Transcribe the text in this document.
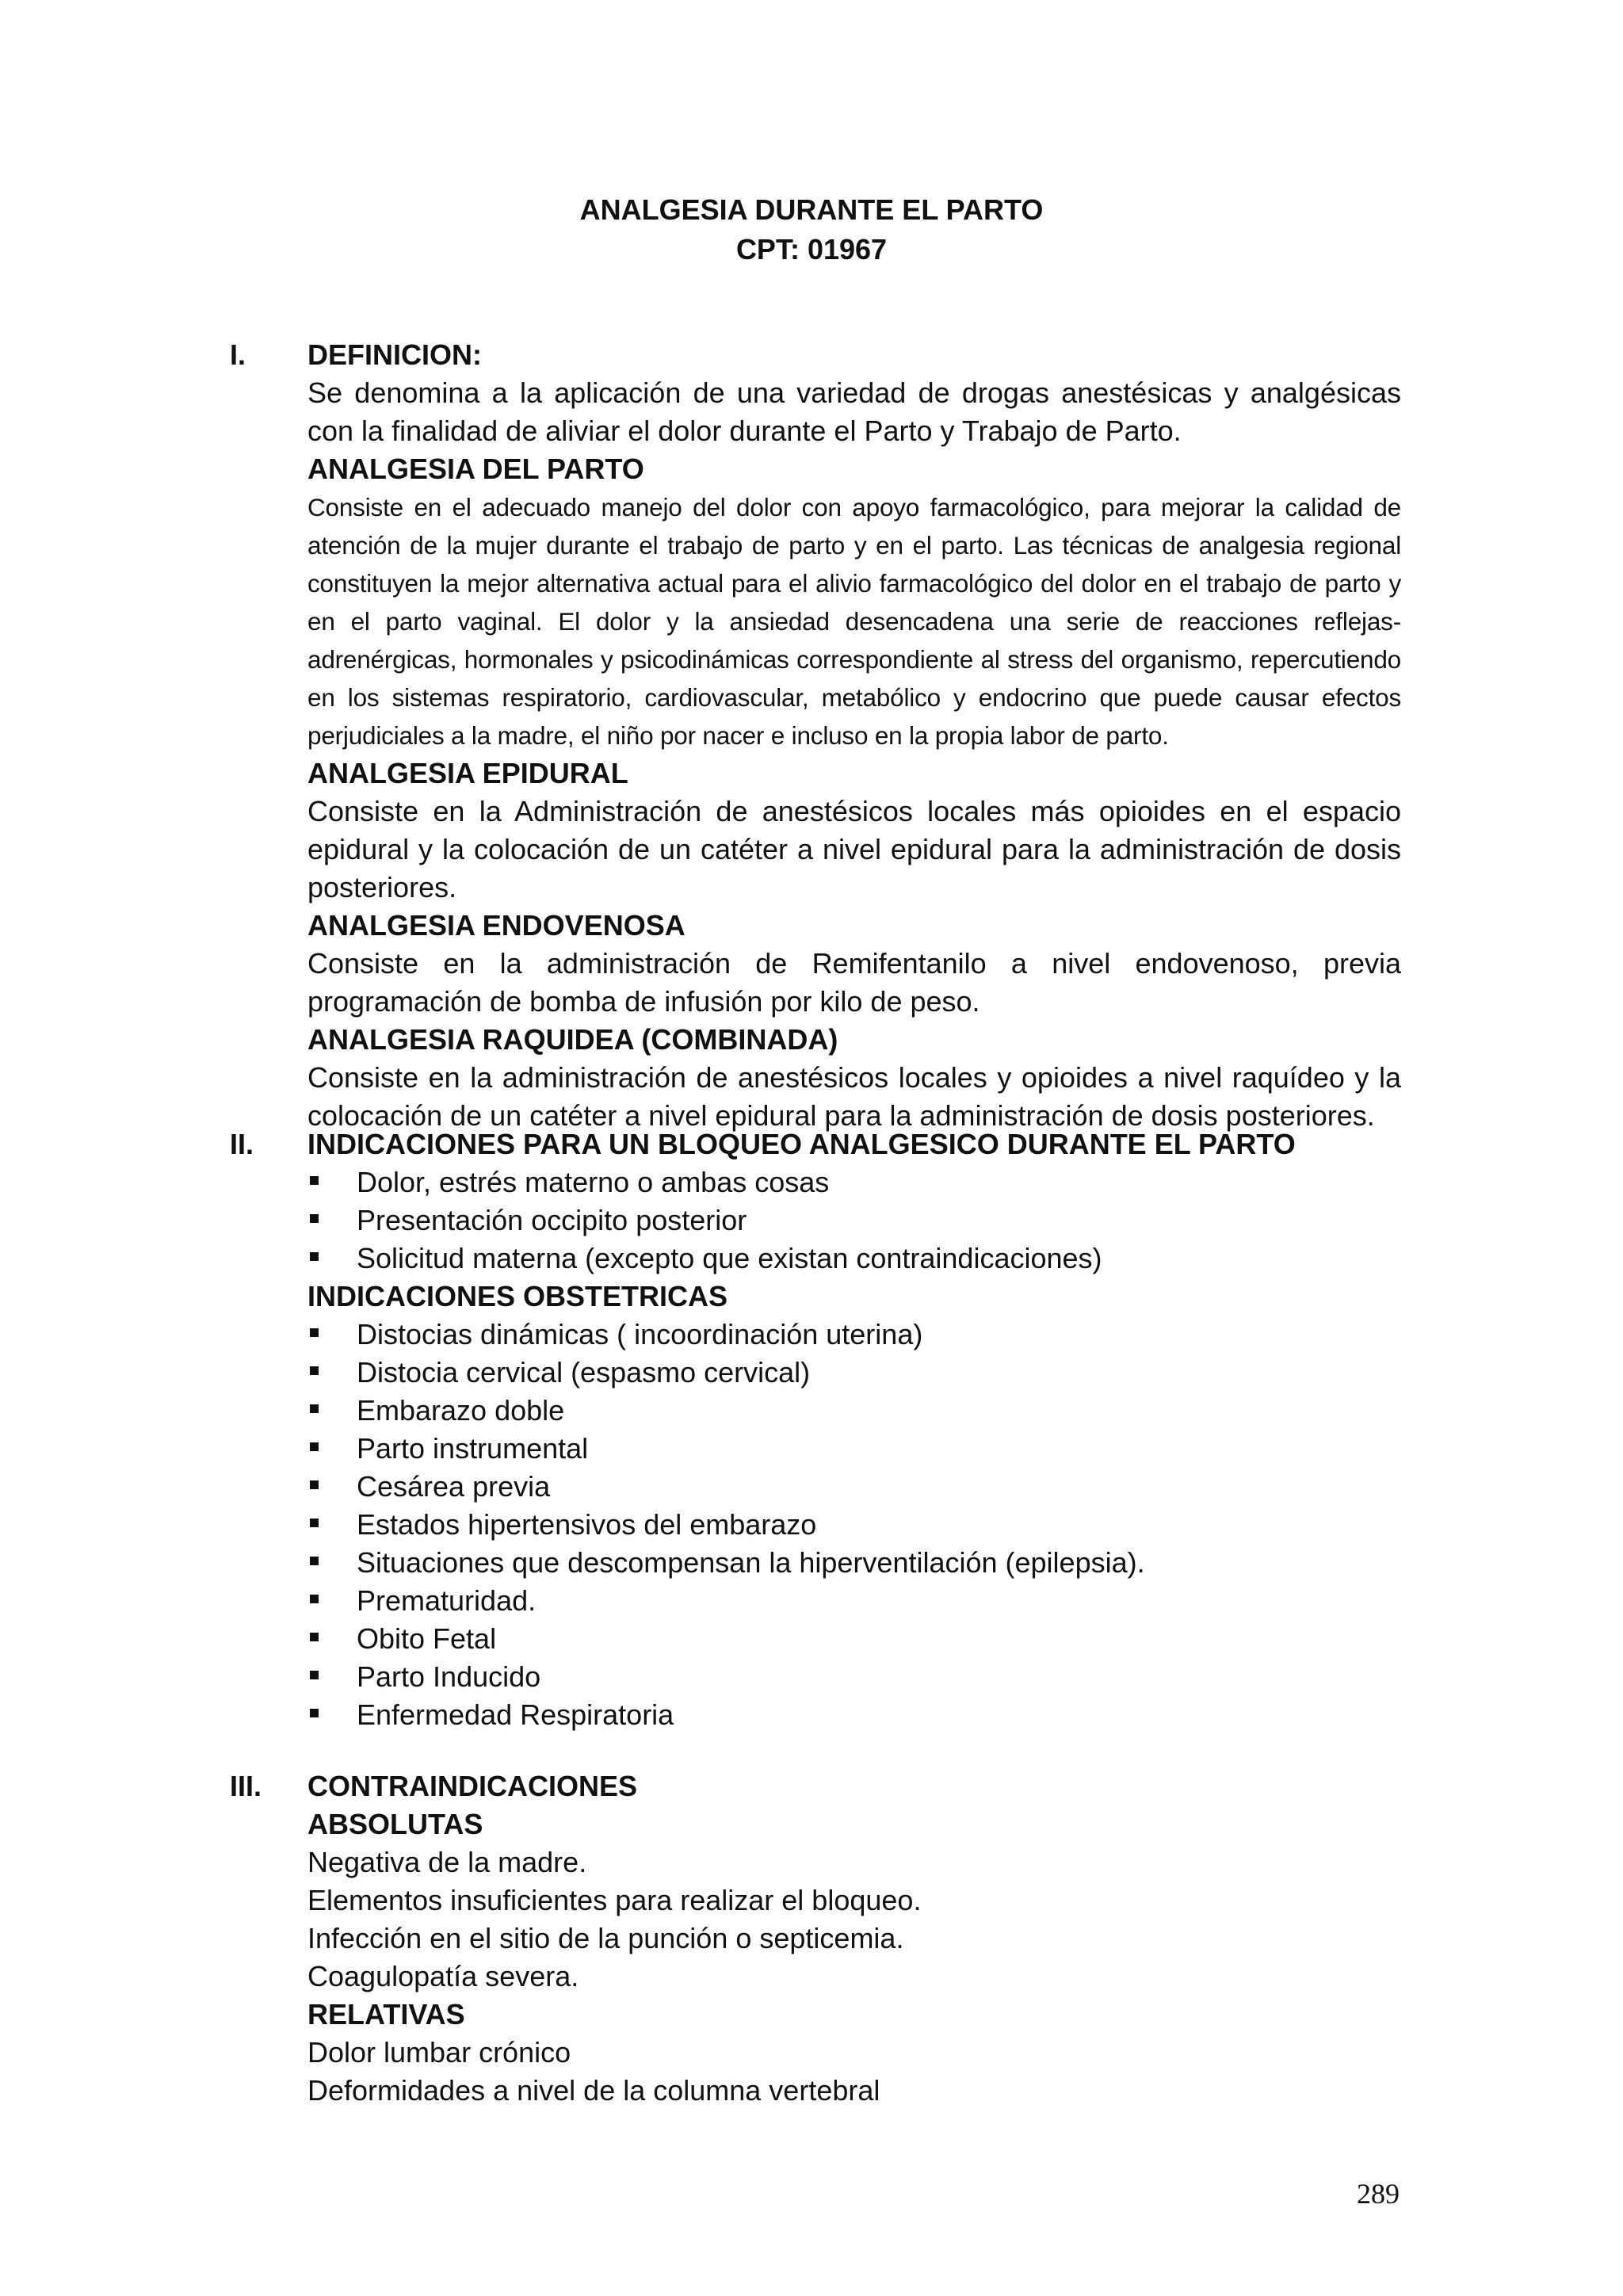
ANALGESIA DURANTE EL PARTO
CPT: 01967
I. DEFINICION:
Se denomina a la aplicación de una variedad de drogas anestésicas y analgésicas con la finalidad de aliviar el dolor durante el Parto y Trabajo de Parto.
ANALGESIA DEL PARTO
Consiste en el adecuado manejo del dolor con apoyo farmacológico, para mejorar la calidad de atención de la mujer durante el trabajo de parto y en el parto. Las técnicas de analgesia regional constituyen la mejor alternativa actual para el alivio farmacológico del dolor en el trabajo de parto y en el parto vaginal. El dolor y la ansiedad desencadena una serie de reacciones reflejas-adrenérgicas, hormonales y psicodinámicas correspondiente al stress del organismo, repercutiendo en los sistemas respiratorio, cardiovascular, metabólico y endocrino que puede causar efectos perjudiciales a la madre, el niño por nacer e incluso en la propia labor de parto.
ANALGESIA EPIDURAL
Consiste en la Administración de anestésicos locales más opioides en el espacio epidural y la colocación de un catéter a nivel epidural para la administración de dosis posteriores.
ANALGESIA ENDOVENOSA
Consiste en la administración de Remifentanilo a nivel endovenoso, previa programación de bomba de infusión por kilo de peso.
ANALGESIA RAQUIDEA (COMBINADA)
Consiste en la administración de anestésicos locales y opioides a nivel raquídeo y la colocación de un catéter a nivel epidural para la administración de dosis posteriores.
II. INDICACIONES PARA UN BLOQUEO ANALGESICO DURANTE EL PARTO
Dolor, estrés materno o ambas cosas
Presentación occipito posterior
Solicitud materna (excepto que existan contraindicaciones)
INDICACIONES OBSTETRICAS
Distocias dinámicas ( incoordinación uterina)
Distocia cervical (espasmo cervical)
Embarazo doble
Parto instrumental
Cesárea previa
Estados hipertensivos del embarazo
Situaciones que descompensan la hiperventilación (epilepsia).
Prematuridad.
Obito Fetal
Parto Inducido
Enfermedad Respiratoria
III. CONTRAINDICACIONES
ABSOLUTAS
Negativa de la madre.
Elementos insuficientes para realizar el bloqueo.
Infección en el sitio de la punción o septicemia.
Coagulopatía severa.
RELATIVAS
Dolor lumbar crónico
Deformidades a nivel de la columna vertebral
289
